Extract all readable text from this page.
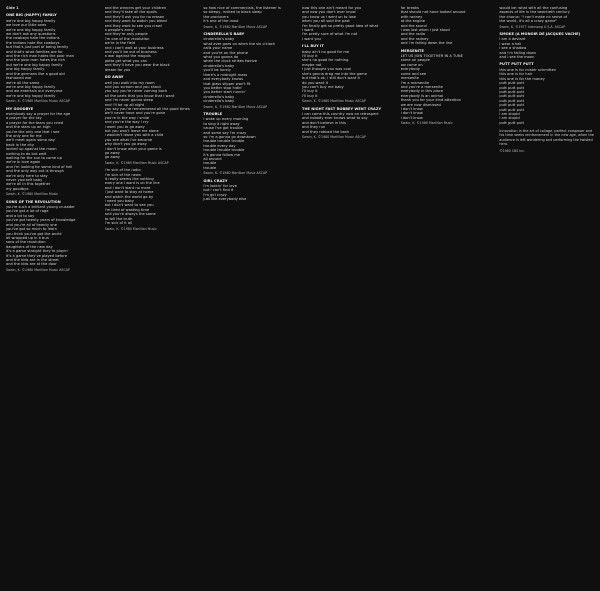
Side 1
ONE BIG (HAPPY) FAMILY
we're one big happy family
we love our little ones
we're one big happy family
we don't ask any questions
the cowboys hate the indians
the indians hate the cowboys
but that's just part of being family
and that's what families are for
and the rich man hates the poor man
and the poor man hates the rich
but we're one big happy family
one big happy family
and the germans like a good old
fashioned war
we're all the same
we're one big happy family
and we entertain our everyone
we're one big happy family
Swain, K. ©1980 Marillion Music ASCAP
MY GOODBYE
everybody say a prayer for the age
a prayer for the sky
a prayer for the tears you cried
and the stars up on high
you're the only one that i see
the only one for me
we'll meet again some day
back in the city
locked up against the moon
nothing to do but wait
waiting for the sun to come up
we're in love again
and i'm looking for some kind of hell
and the only way out is through
we're only here to stay
never yourself baby
we're all in this together
my goodbye
Swain, K. ©1980 Marillion Music
SONS OF THE REVOLUTION
you're such a brilliant young crusader
you've got a lot of rage
and a lot to say
you've got twenty years of knowledge
and you're all of twenty one
you've got so much to learn
you think you've got the world
all wrapped up in a bun
sons of the revolution
daughters of the new day
it's a game straight they're playin'
it's a game they've played before
and the kids are in the street
and the kids are at the door
Swain, K. ©1980 Marillion Music ASCAP
and the winners get your children
and they'll take all the spoils
and they'll ask you for no reason
and they want to watch you bleed
and they want to see you crawl
a people's army
and they're only people
i'm one of the revolution
we're in the field
and i can't wait at your business
and you'll be out of business
a war against the moguls
gotta get what you can
and they'll have you wear the black
dream for you
GO AWAY
well you walk into my room
and you scream and you shout
you say you're never coming back
all the parts that you know that i want
and i'm never gonna sleep
and i'll be up all night
you say you're remembered all the good times
we'll never have and you're gone
you're in the way i smile
and you're the way i cry
i want you to go away
but you won't leave me alone
i wouldn't leave you with a child
you see what i've become
why don't you go away
i don't know what your game is
go away
go away
Swain, K. ©1980 Marillion Music ASCAP
i'm sick of the radio
i'm sick of the news
it really seems like nothing
every one i want is on the line
and i don't want no more
i just want to stay at home
and watch the world go by
i need you baby
but i don't want to see you
i'm tired of wasting time
and you're always the same
to tell the truth
i'm sick of it all
Swain, K. ©1980 Marillion Music
so how nice of commercials, the listener is
so sleepy, invited to black sleep
the producers
it's one of the most
Swain, K. ©1980 Marillion Music ASCAP
CINDERELLA'S BABY
cinderella's baby
what ever goes on when the six o'clock
calls your name
and you're on the phone
what you gonna do
when the clock strikes twelve
cinderella's baby
you'll be lonely
there's a midnight mass
and everybody knows
that glass slipper won't fit
you better stop hidin'
you better start runnin'
cinderella's baby
cinderella's baby
Swain, K. ©1980 Marillion Music ASCAP
TROUBLE
i woke up every morning
to sing it right away
cause i've got trouble
and some say i'm crazy
so i'm a-gonna go downtown
trouble trouble trouble
trouble every day
trouble trouble trouble
it's gonna follow me
all around
trouble
trouble
Swain, K. ©1980 Marillion Music ASCAP
GIRL CRAZY
i'm lookin' for love
but i can't find it
i'm girl crazy
just like everybody else
now this one ain't meant for you
and now you don't ever know
you know us i went on to lose
when you all sold the past
i'm finally get so pretty good idea of what
i want
i'm pretty sure of what i'm not
i want you
I'LL BUY IT
baby ain't no good for me
i'll buy it
she's no good for nothing
maybe not
i just thought you was cool
she's gonna drag me into the game
but that's ok, i still don't want it
do you want it
you can't buy me baby
i'll buy it
i'll buy it
Swain, K. ©1980 Marillion Music ASCAP
THE NIGHT FAST ROBBEY WENT CRAZY
i can come this country now on retrospect
and nobody ever knows what to say
and don't believe in this
and they run
and they robbed the bank
Swain, K. ©1980 Marillion Music ASCAP
for breaks
that should not have looked around
with radney
at the engine
and the sound
i was lost when i just stood
and the radio
and the radney
and i'm falling down the line
MERSENITE
LET US JOIN TOGETHER IN A TUNE
come on people
aw come on
everybody
come and see
mersenite
i'm a mersenite
and you're a mersenite
everybody in this place
everybody is an animal
thank you for your kind attention
we are now dismissed
i don't know
i don't know
i don't know
Swain, K. ©1980 Marillion Music
would be: what with all the confusing
aspects of life in the twentieth century
the chorus: "i can't make no sense of
the world, it's all a crazy game"
Swain, K. ©1977 Intersong U.S.A. ASCAP
SMOKE (A MONOIR DE JACQUES VACHE)
i am a deviant
i wear a hat
i see a shadow
and i'm falling down
and i see the moon
PUTT PUTT PUTT
this one is for mister schmitten
this one is for hair
this one is for the money
putt putt putt
putt putt putt
putt putt putt
putt putt putt
putt putt putt
putt putt putt
putt putt putt
i am stupid
i am stupid
putt putt putt
Innovation in the art of collage, perfect composer and his time seeks reinforcement in the new age, when the audience is left wondering and performing the twisted hero.
©1980 CBS Inc.
